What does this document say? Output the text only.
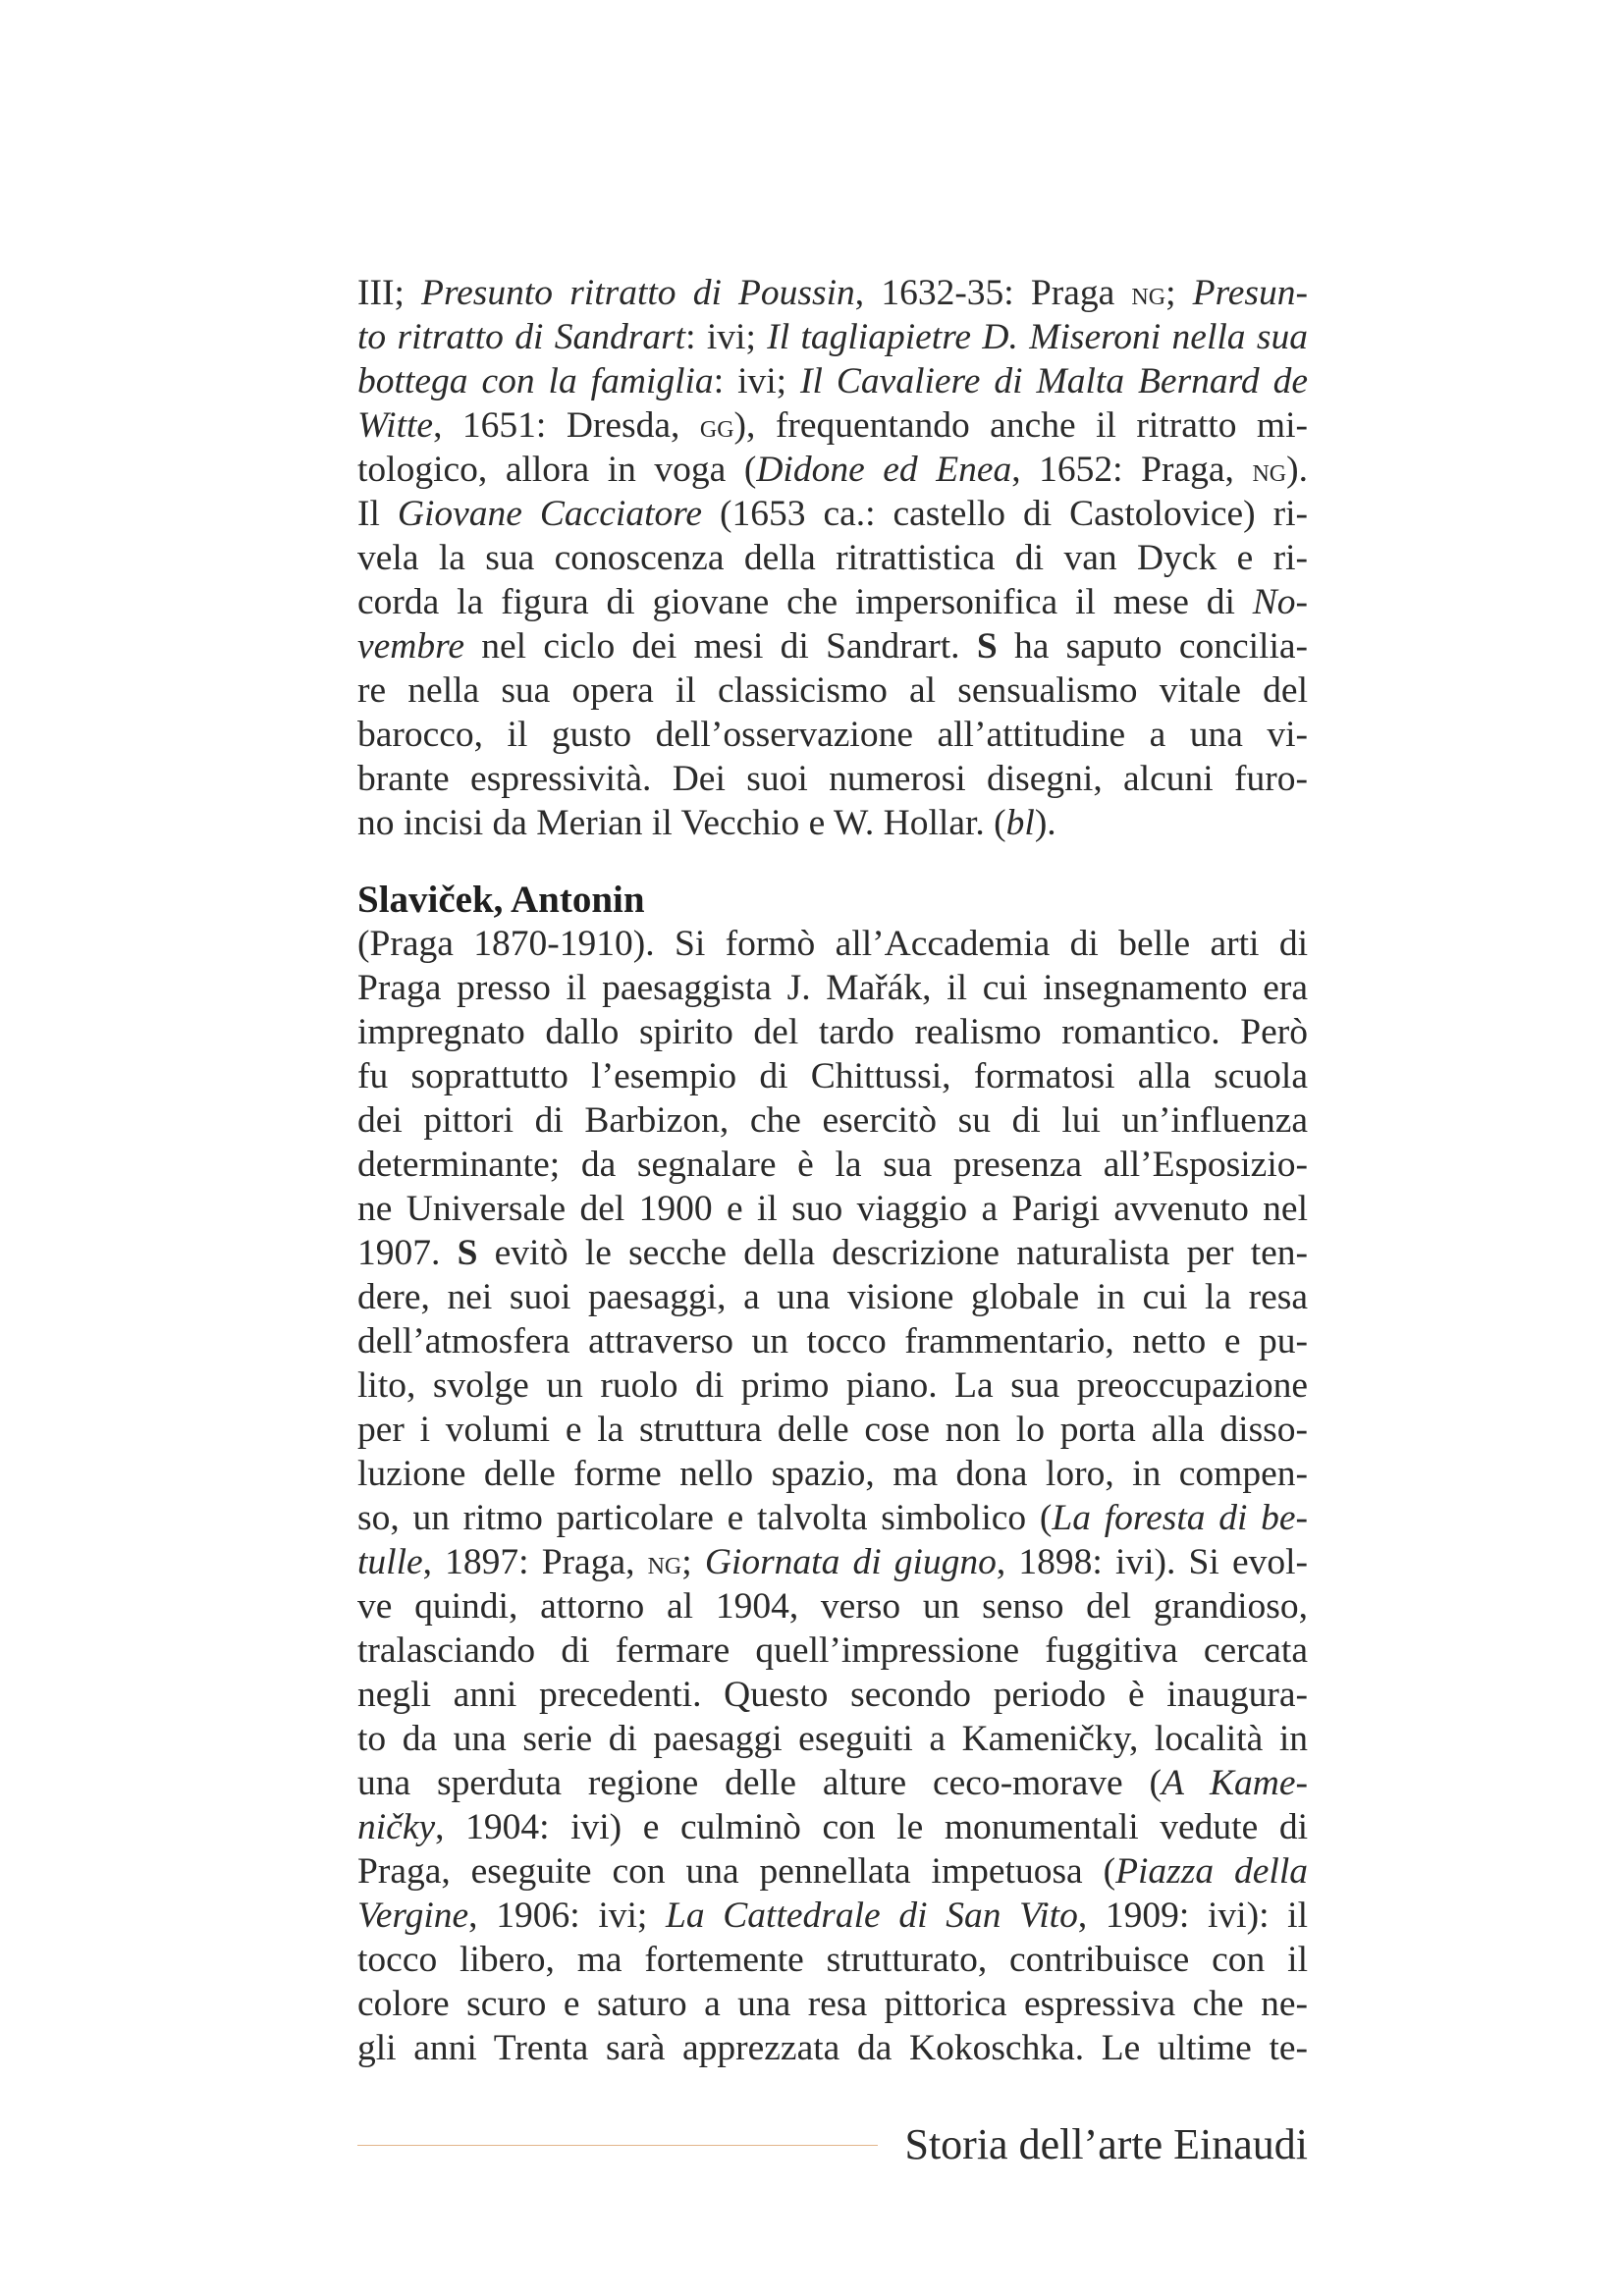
III; Presunto ritratto di Poussin, 1632-35: Praga ng; Presun-
to ritratto di Sandrart: ivi; Il tagliapietre D. Miseroni nella sua
bottega con la famiglia: ivi; Il Cavaliere di Malta Bernard de
Witte, 1651: Dresda, gg), frequentando anche il ritratto mi-
tologico, allora in voga (Didone ed Enea, 1652: Praga, ng).
Il Giovane Cacciatore (1653 ca.: castello di Castolovice) ri-
vela la sua conoscenza della ritrattistica di van Dyck e ri-
corda la figura di giovane che impersonifica il mese di No-
vembre nel ciclo dei mesi di Sandrart. S ha saputo concilia-
re nella sua opera il classicismo al sensualismo vitale del
barocco, il gusto dell’osservazione all’attitudine a una vi-
brante espressività. Dei suoi numerosi disegni, alcuni furo-
no incisi da Merian il Vecchio e W. Hollar. (bl).
Slaviček, Antonin
(Praga 1870-1910). Si formò all’Accademia di belle arti di
Praga presso il paesaggista J. Mařák, il cui insegnamento era
impregnato dallo spirito del tardo realismo romantico. Però
fu soprattutto l’esempio di Chittussi, formatosi alla scuola
dei pittori di Barbizon, che esercitò su di lui un’influenza
determinante; da segnalare è la sua presenza all’Esposizio-
ne Universale del 1900 e il suo viaggio a Parigi avvenuto nel
1907. S evitò le secche della descrizione naturalista per ten-
dere, nei suoi paesaggi, a una visione globale in cui la resa
dell’atmosfera attraverso un tocco frammentario, netto e pu-
lito, svolge un ruolo di primo piano. La sua preoccupazione
per i volumi e la struttura delle cose non lo porta alla disso-
luzione delle forme nello spazio, ma dona loro, in compen-
so, un ritmo particolare e talvolta simbolico (La foresta di be-
tulle, 1897: Praga, ng; Giornata di giugno, 1898: ivi). Si evol-
ve quindi, attorno al 1904, verso un senso del grandioso,
tralasciando di fermare quell’impressione fuggitiva cercata
negli anni precedenti. Questo secondo periodo è inaugura-
to da una serie di paesaggi eseguiti a Kameničky, località in
una sperduta regione delle alture ceco-morave (A Kame-
ničky, 1904: ivi) e culminò con le monumentali vedute di
Praga, eseguite con una pennellata impetuosa (Piazza della
Vergine, 1906: ivi; La Cattedrale di San Vito, 1909: ivi): il
tocco libero, ma fortemente strutturato, contribuisce con il
colore scuro e saturo a una resa pittorica espressiva che ne-
gli anni Trenta sarà apprezzata da Kokoschka. Le ultime te-
Storia dell’arte Einaudi
